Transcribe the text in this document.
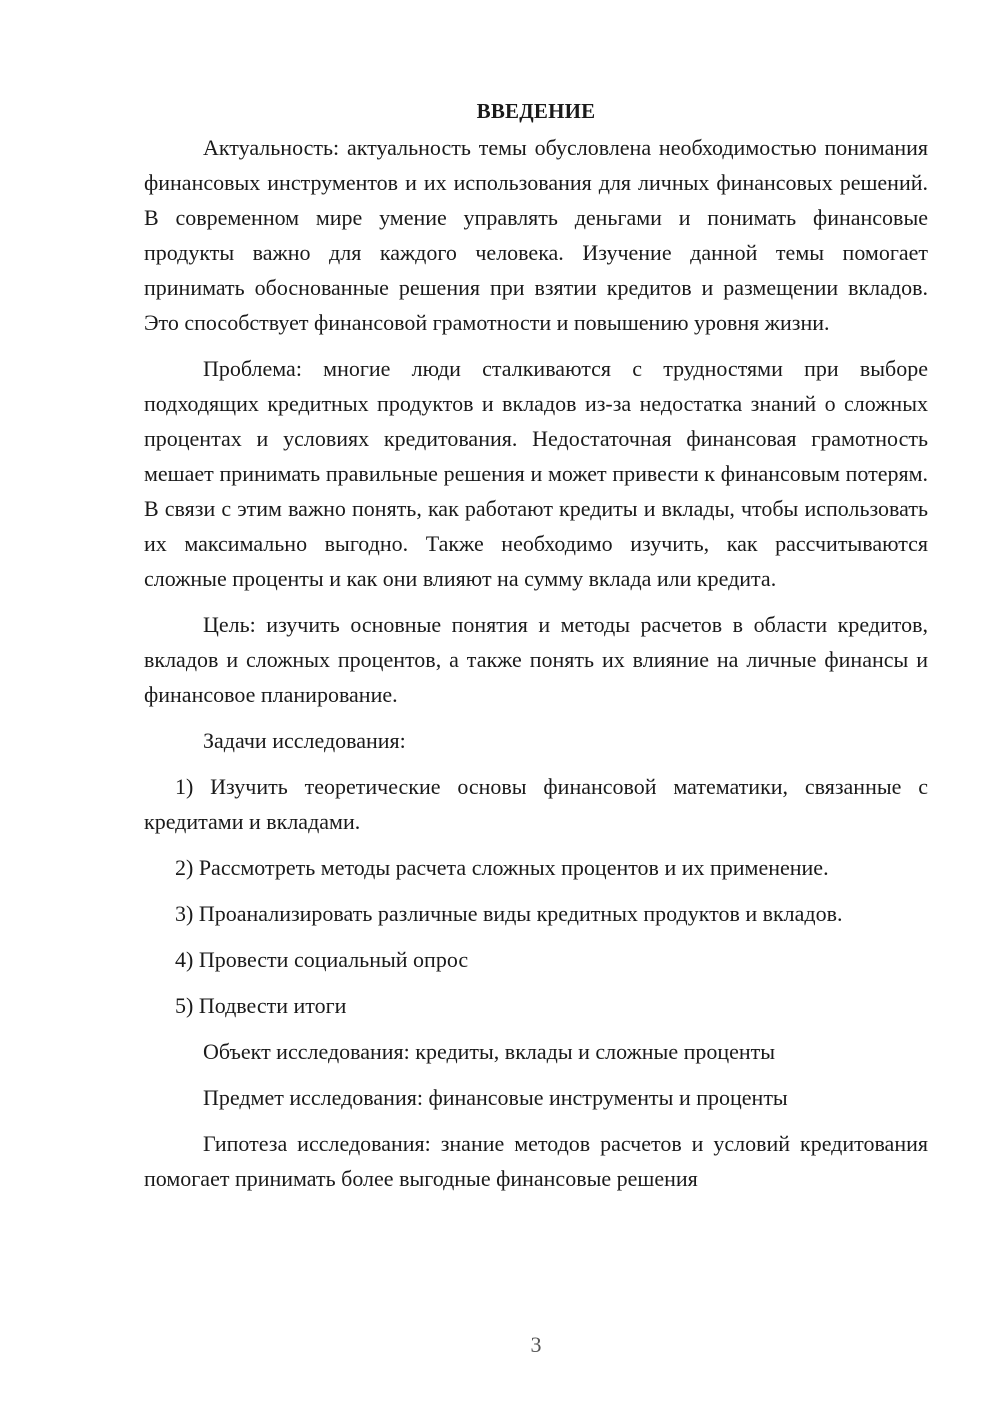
ВВЕДЕНИЕ

Актуальность: актуальность темы обусловлена необходимостью понимания финансовых инструментов и их использования для личных финансовых решений. В современном мире умение управлять деньгами и понимать финансовые продукты важно для каждого человека. Изучение данной темы помогает принимать обоснованные решения при взятии кредитов и размещении вкладов. Это способствует финансовой грамотности и повышению уровня жизни.

Проблема: многие люди сталкиваются с трудностями при выборе подходящих кредитных продуктов и вкладов из-за недостатка знаний о сложных процентах и условиях кредитования. Недостаточная финансовая грамотность мешает принимать правильные решения и может привести к финансовым потерям. В связи с этим важно понять, как работают кредиты и вклады, чтобы использовать их максимально выгодно. Также необходимо изучить, как рассчитываются сложные проценты и как они влияют на сумму вклада или кредита.

Цель: изучить основные понятия и методы расчетов в области кредитов, вкладов и сложных процентов, а также понять их влияние на личные финансы и финансовое планирование.

Задачи исследования:

1) Изучить теоретические основы финансовой математики, связанные с кредитами и вкладами.

2) Рассмотреть методы расчета сложных процентов и их применение.

3) Проанализировать различные виды кредитных продуктов и вкладов.

4) Провести социальный опрос

5) Подвести итоги

Объект исследования: кредиты, вклады и сложные проценты

Предмет исследования: финансовые инструменты и проценты

Гипотеза исследования: знание методов расчетов и условий кредитования помогает принимать более выгодные финансовые решения

3
